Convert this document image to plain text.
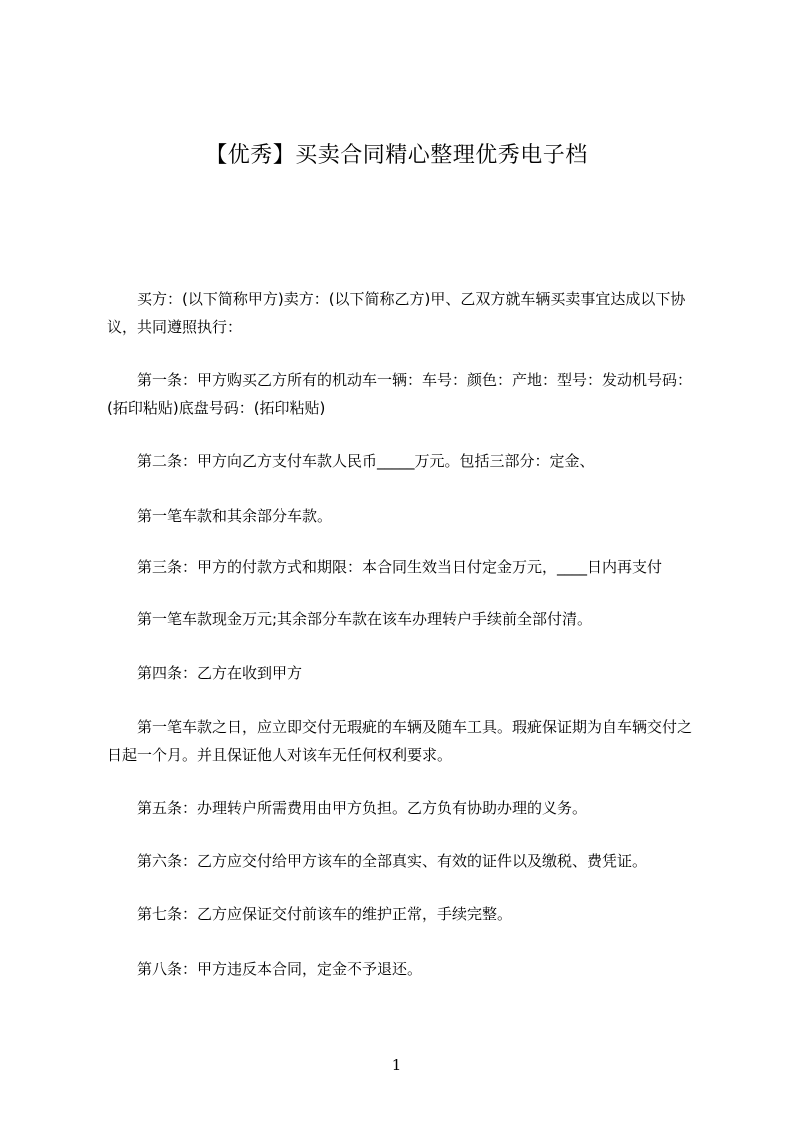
【优秀】买卖合同精心整理优秀电子档
买方：(以下简称甲方)卖方：(以下简称乙方)甲、乙双方就车辆买卖事宜达成以下协议，共同遵照执行：
第一条：甲方购买乙方所有的机动车一辆：车号：颜色：产地：型号：发动机号码：(拓印粘贴)底盘号码：(拓印粘贴)
第二条：甲方向乙方支付车款人民币_____万元。包括三部分：定金、
第一笔车款和其余部分车款。
第三条：甲方的付款方式和期限：本合同生效当日付定金万元，____日内再支付
第一笔车款现金万元;其余部分车款在该车办理转户手续前全部付清。
第四条：乙方在收到甲方
第一笔车款之日，应立即交付无瑕疵的车辆及随车工具。瑕疵保证期为自车辆交付之日起一个月。并且保证他人对该车无任何权利要求。
第五条：办理转户所需费用由甲方负担。乙方负有协助办理的义务。
第六条：乙方应交付给甲方该车的全部真实、有效的证件以及缴税、费凭证。
第七条：乙方应保证交付前该车的维护正常，手续完整。
第八条：甲方违反本合同，定金不予退还。
1
